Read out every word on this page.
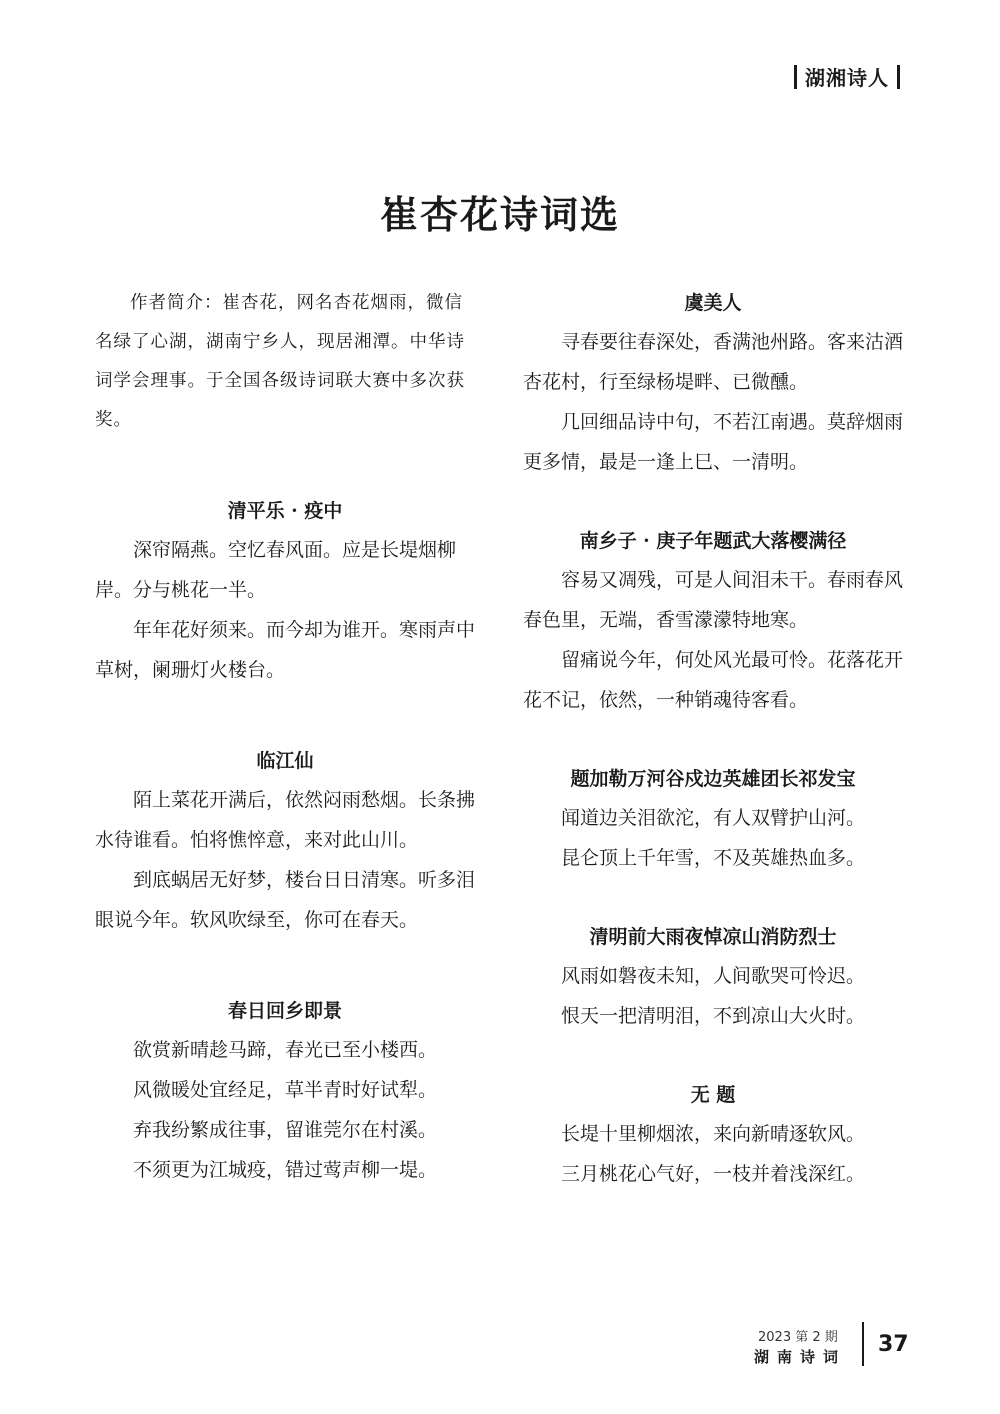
湖湘诗人
崔杏花诗词选

作者简介：崔杏花，网名杏花烟雨，微信名绿了心湖，湖南宁乡人，现居湘潭。中华诗词学会理事。于全国各级诗词联大赛中多次获奖。

清平乐 · 疫中

深帘隔燕。空忆春风面。应是长堤烟柳岸。分与桃花一半。

年年花好须来。而今却为谁开。寒雨声中草树，阑珊灯火楼台。

临江仙

陌上菜花开满后，依然闷雨愁烟。长条拂水待谁看。怕将憔悴意，来对此山川。

到底蜗居无好梦，楼台日日清寒。听多泪眼说今年。软风吹绿至，你可在春天。

春日回乡即景

欲赏新晴趁马蹄，春光已至小楼西。

风微暖处宜经足，草半青时好试犁。

弃我纷繁成往事，留谁莞尔在村溪。

不须更为江城疫，错过莺声柳一堤。

虞美人

寻春要往春深处，香满池州路。客来沽酒杏花村，行至绿杨堤畔、已微醺。

几回细品诗中句，不若江南遇。莫辞烟雨更多情，最是一逢上巳、一清明。

南乡子 · 庚子年题武大落樱满径

容易又凋残，可是人间泪未干。春雨春风春色里，无端，香雪濛濛特地寒。

留痛说今年，何处风光最可怜。花落花开花不记，依然，一种销魂待客看。

题加勒万河谷戍边英雄团长祁发宝

闻道边关泪欲沱，有人双臂护山河。

昆仑顶上千年雪，不及英雄热血多。

清明前大雨夜悼凉山消防烈士

风雨如磐夜未知，人间歌哭可怜迟。

恨天一把清明泪，不到凉山大火时。

无 题

长堤十里柳烟浓，来向新晴逐软风。

三月桃花心气好，一枝并着浅深红。

2023 第 2 期
湖南诗词 37
